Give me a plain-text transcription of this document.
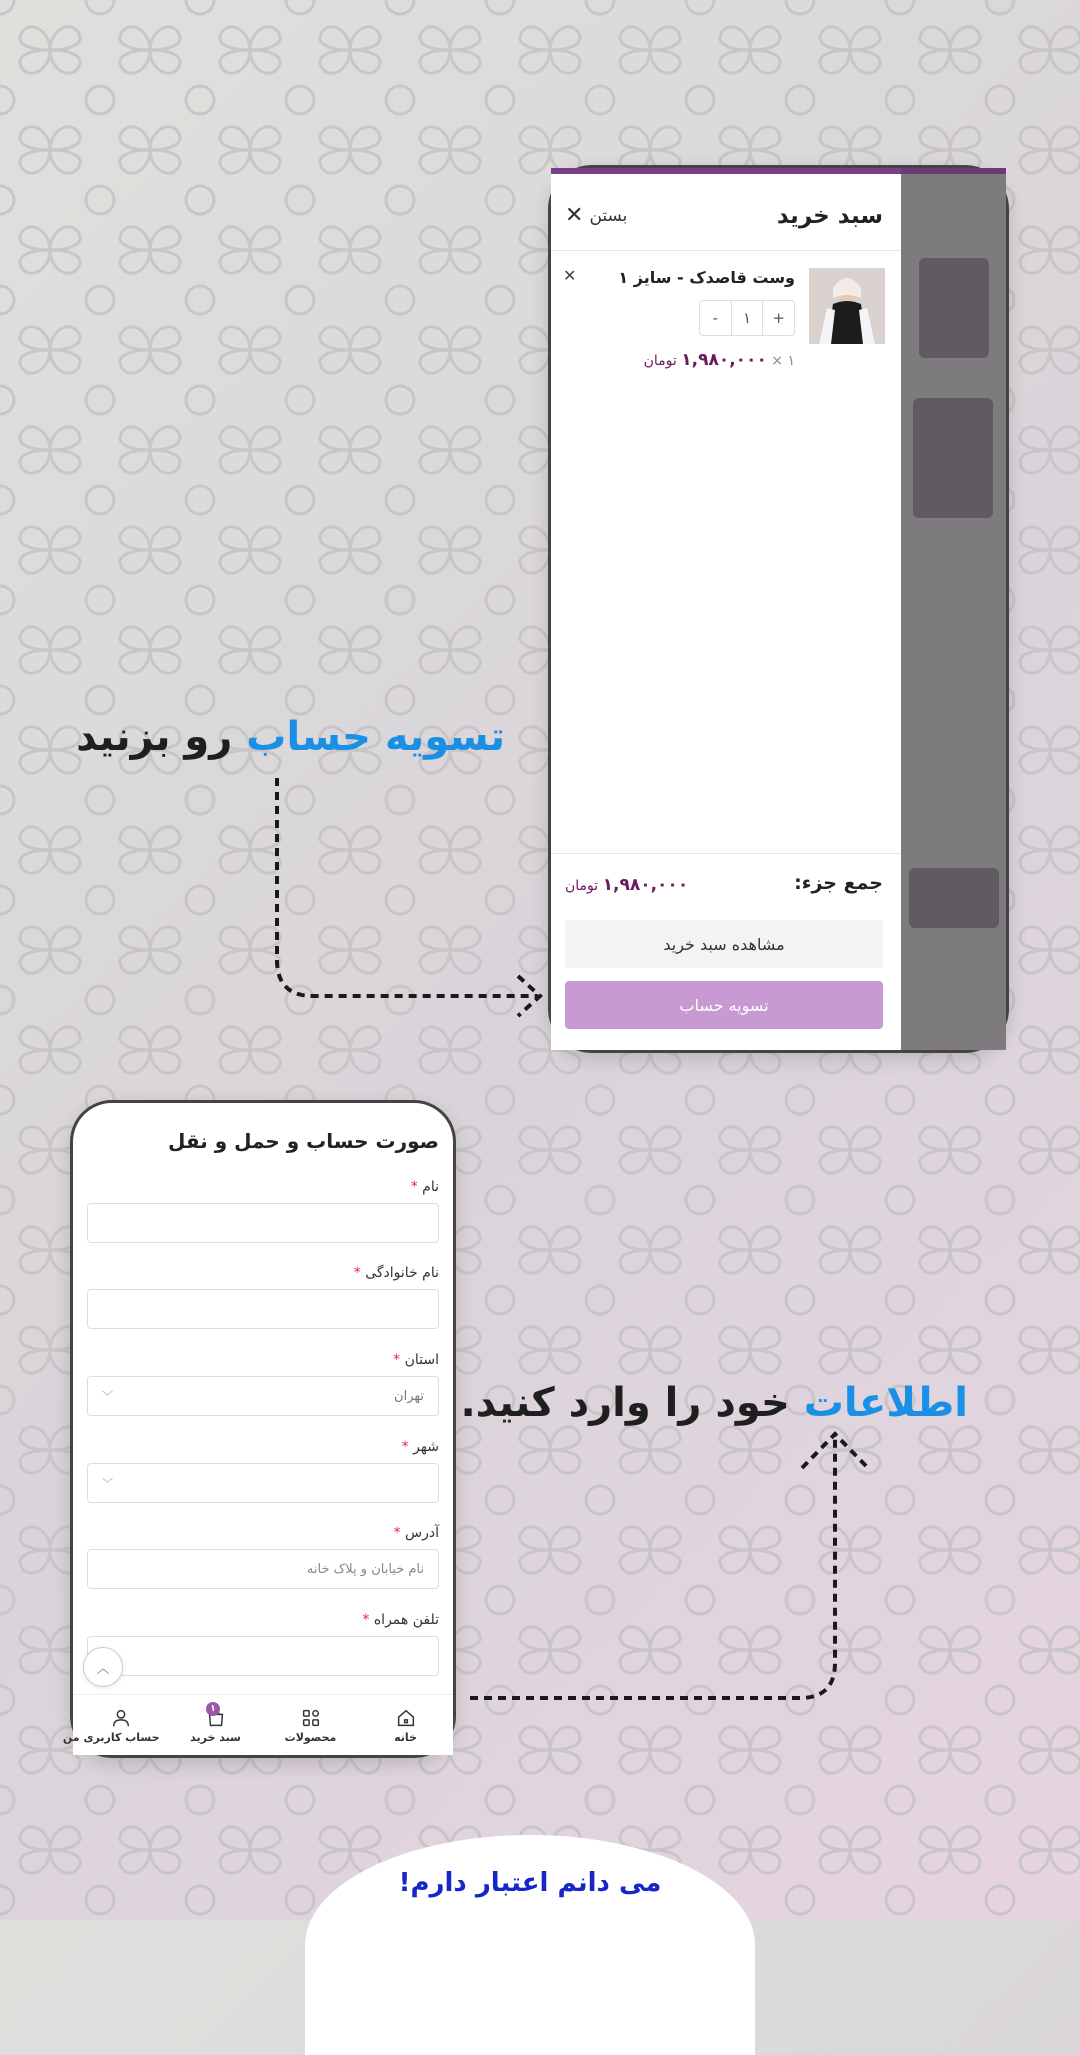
سبد خرید
بستن
✕
وست قاصدک - سایز ۱
✕
-	۱	+
۱ × ۱,۹۸۰,۰۰۰ تومان
جمع جزء:
۱,۹۸۰,۰۰۰ تومان
مشاهده سبد خرید
تسویه حساب
تسویه حساب رو بزنید
اطلاعات خود را وارد کنید.
صورت حساب و حمل و نقل
نام *
نام خانوادگی *
استان *
تهران
﹀
شهر *
﹀
آدرس *
نام خیابان و پلاک خانه
تلفن همراه *
︿
خانه
محصولات
۱
سبد خرید
حساب کاربری من
می دانم اعتبار دارم!
